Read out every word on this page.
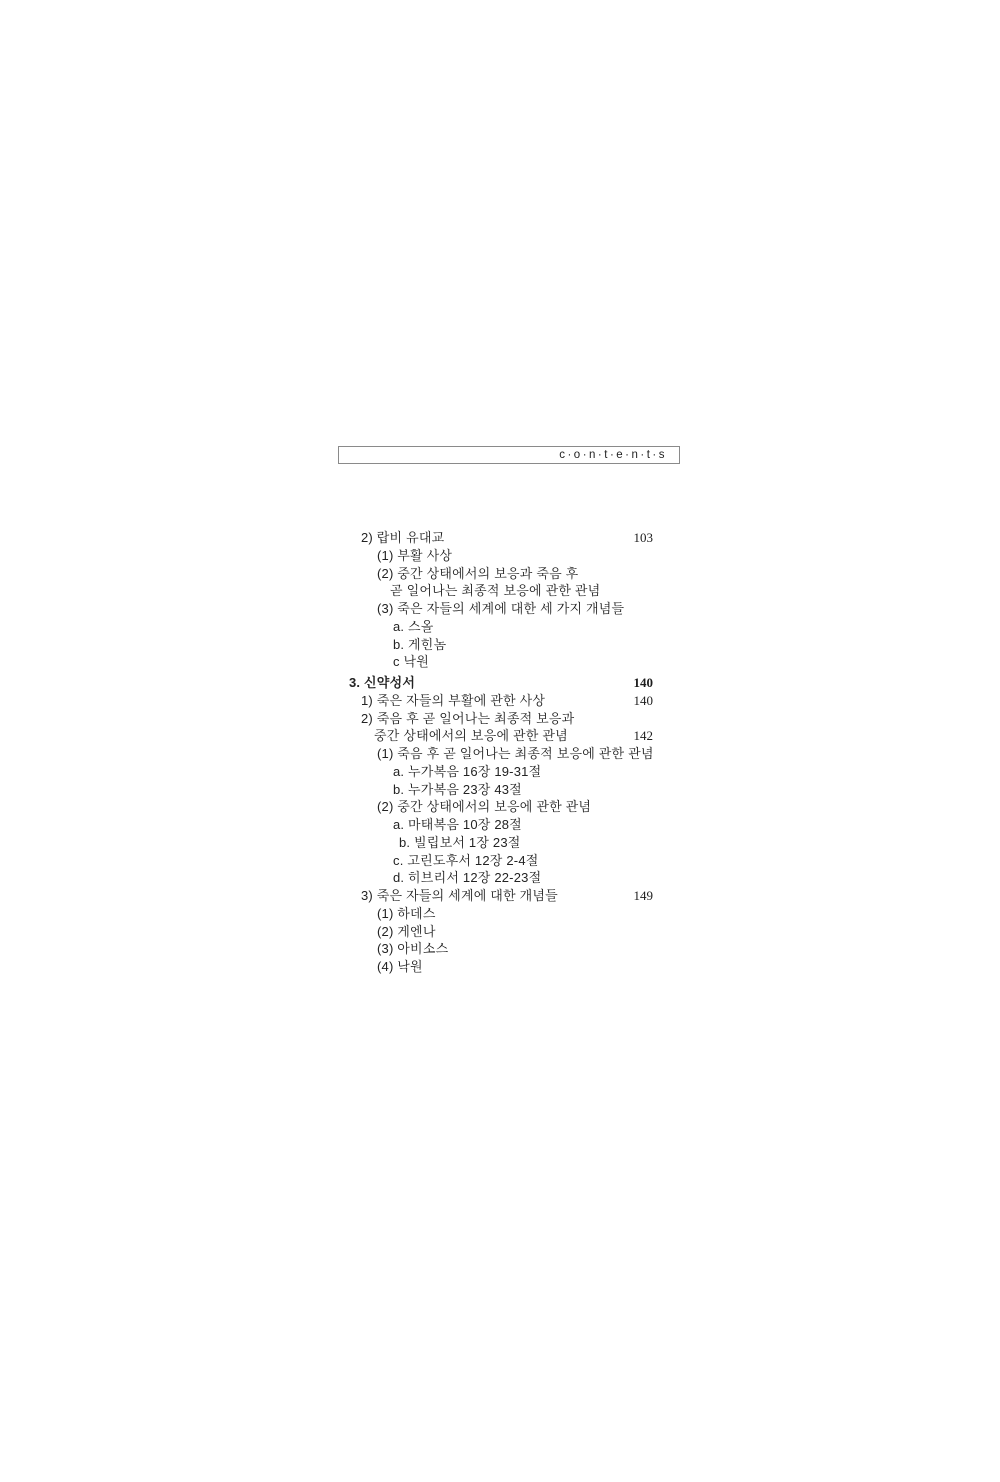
c·o·n·t·e·n·t·s
2) 랍비 유대교	103
(1) 부활 사상
(2) 중간 상태에서의 보응과 죽음 후
곧 일어나는 최종적 보응에 관한 관념
(3) 죽은 자들의 세계에 대한 세 가지 개념들
a. 스올
b. 게힌놈
c 낙원
3. 신약성서	140
1) 죽은 자들의 부활에 관한 사상	140
2) 죽음 후 곧 일어나는 최종적 보응과
중간 상태에서의 보응에 관한 관념	142
(1) 죽음 후 곧 일어나는 최종적 보응에 관한 관념
a. 누가복음 16장 19-31절
b. 누가복음 23장 43절
(2) 중간 상태에서의 보응에 관한 관념
a. 마태복음 10장 28절
b. 빌립보서 1장 23절
c. 고린도후서 12장 2-4절
d. 히브리서 12장 22-23절
3) 죽은 자들의 세계에 대한 개념들	149
(1) 하데스
(2) 게엔나
(3) 아비소스
(4) 낙원
